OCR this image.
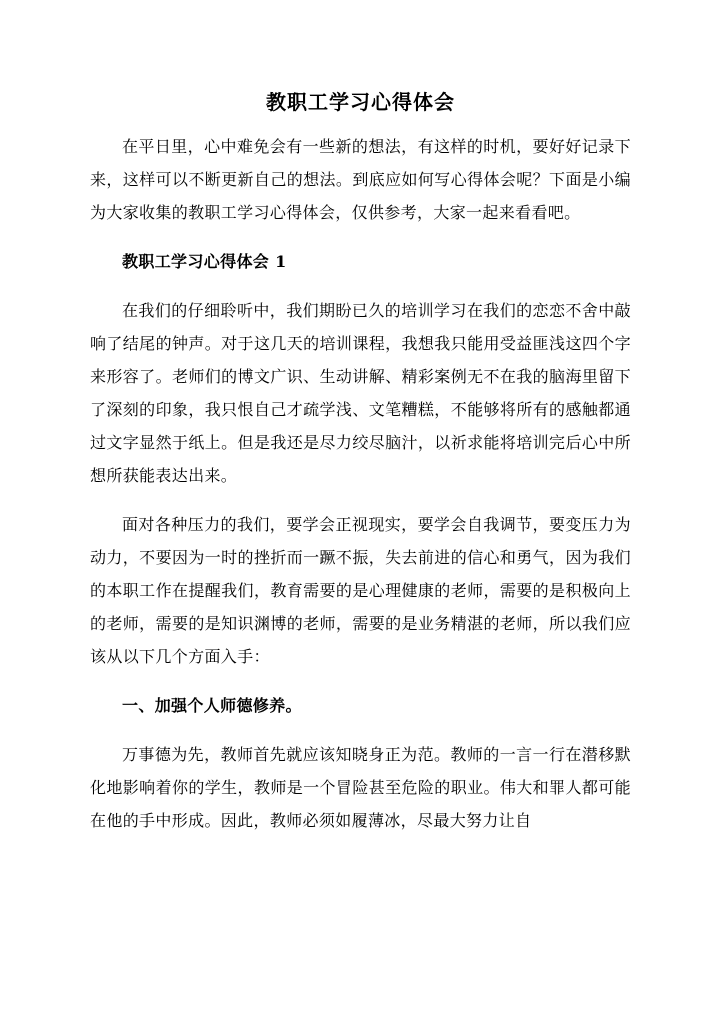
教职工学习心得体会

在平日里，心中难免会有一些新的想法，有这样的时机，要好好记录下来，这样可以不断更新自己的想法。到底应如何写心得体会呢？下面是小编为大家收集的教职工学习心得体会，仅供参考，大家一起来看看吧。

教职工学习心得体会 1

在我们的仔细聆听中，我们期盼已久的培训学习在我们的恋恋不舍中敲响了结尾的钟声。对于这几天的培训课程，我想我只能用受益匪浅这四个字来形容了。老师们的博文广识、生动讲解、精彩案例无不在我的脑海里留下了深刻的印象，我只恨自己才疏学浅、文笔糟糕，不能够将所有的感触都通过文字显然于纸上。但是我还是尽力绞尽脑汁，以祈求能将培训完后心中所想所获能表达出来。

面对各种压力的我们，要学会正视现实，要学会自我调节，要变压力为动力，不要因为一时的挫折而一蹶不振，失去前进的信心和勇气，因为我们的本职工作在提醒我们，教育需要的是心理健康的老师，需要的是积极向上的老师，需要的是知识渊博的老师，需要的是业务精湛的老师，所以我们应该从以下几个方面入手：

一、加强个人师德修养。

万事德为先，教师首先就应该知晓身正为范。教师的一言一行在潜移默化地影响着你的学生，教师是一个冒险甚至危险的职业。伟大和罪人都可能在他的手中形成。因此，教师必须如履薄冰，尽最大努力让自
